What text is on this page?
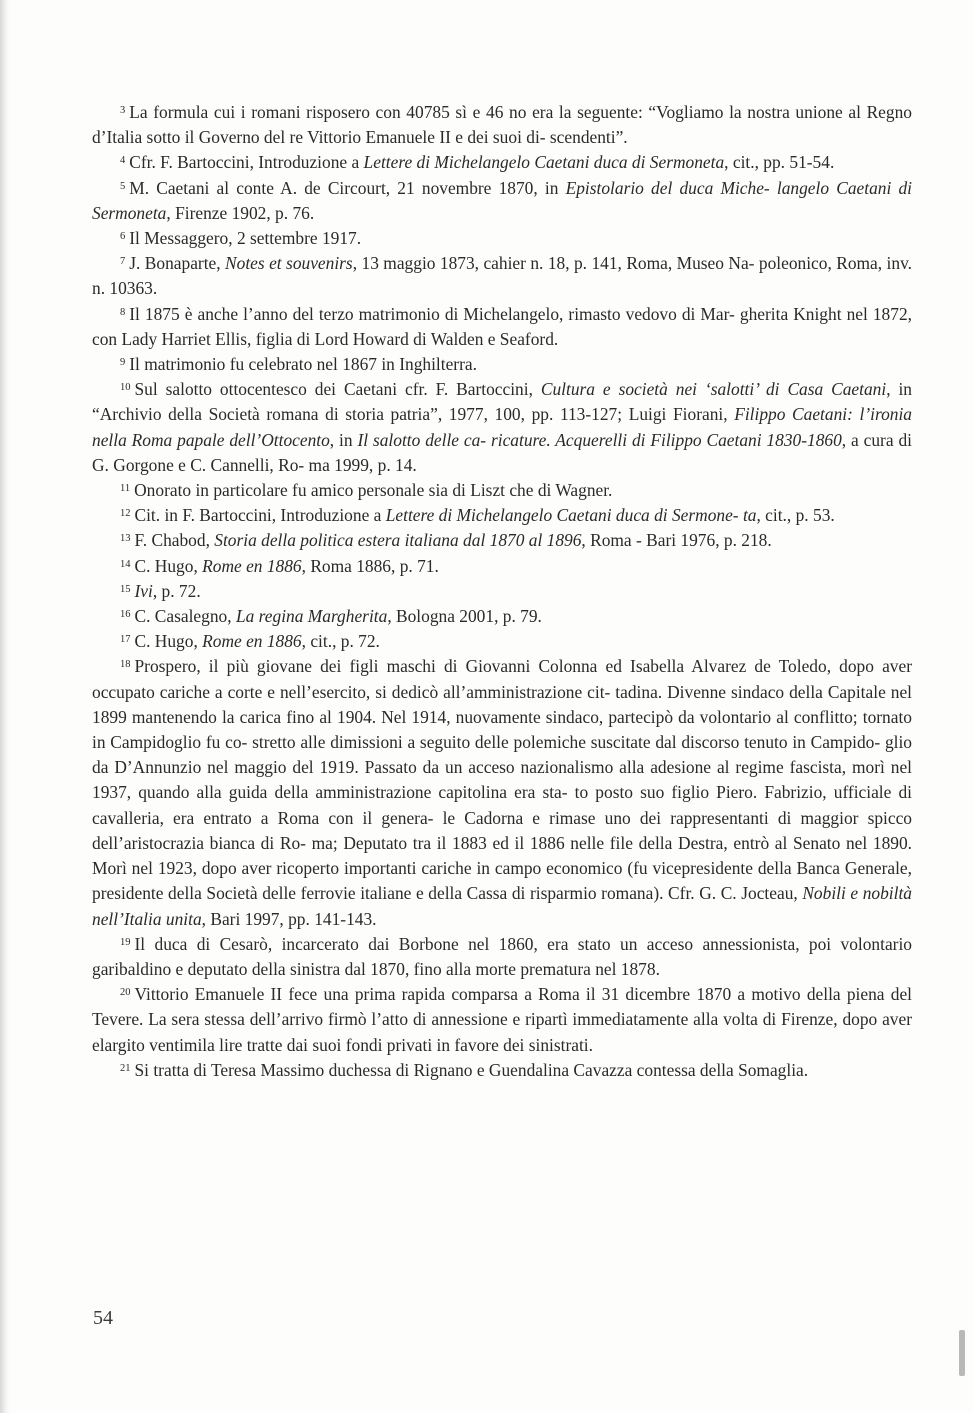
$^3$ La formula cui i romani risposero con 40785 sì e 46 no era la seguente: “Vogliamo la nostra unione al Regno d’Italia sotto il Governo del re Vittorio Emanuele II e dei suoi di- scendenti”.

$^4$ Cfr. F. Bartoccini, Introduzione a Lettere di Michelangelo Caetani duca di Sermoneta, cit., pp. 51-54.

$^5$ M. Caetani al conte A. de Circourt, 21 novembre 1870, in Epistolario del duca Miche- langelo Caetani di Sermoneta, Firenze 1902, p. 76.

$^6$ Il Messaggero, 2 settembre 1917.

$^7$ J. Bonaparte, Notes et souvenirs, 13 maggio 1873, cahier n. 18, p. 141, Roma, Museo Na- poleonico, Roma, inv. n. 10363.

$^8$ Il 1875 è anche l’anno del terzo matrimonio di Michelangelo, rimasto vedovo di Mar- gherita Knight nel 1872, con Lady Harriet Ellis, figlia di Lord Howard di Walden e Seaford.

$^9$ Il matrimonio fu celebrato nel 1867 in Inghilterra.

$^{10}$ Sul salotto ottocentesco dei Caetani cfr. F. Bartoccini, Cultura e società nei ‘salotti’ di Casa Caetani, in “Archivio della Società romana di storia patria”, 1977, 100, pp. 113-127; Luigi Fiorani, Filippo Caetani: l’ironia nella Roma papale dell’Ottocento, in Il salotto delle ca- ricature. Acquerelli di Filippo Caetani 1830-1860, a cura di G. Gorgone e C. Cannelli, Ro- ma 1999, p. 14.

$^{11}$ Onorato in particolare fu amico personale sia di Liszt che di Wagner.

$^{12}$ Cit. in F. Bartoccini, Introduzione a Lettere di Michelangelo Caetani duca di Sermone- ta, cit., p. 53.

$^{13}$ F. Chabod, Storia della politica estera italiana dal 1870 al 1896, Roma - Bari 1976, p. 218.

$^{14}$ C. Hugo, Rome en 1886, Roma 1886, p. 71.

$^{15}$ Ivi, p. 72.

$^{16}$ C. Casalegno, La regina Margherita, Bologna 2001, p. 79.

$^{17}$ C. Hugo, Rome en 1886, cit., p. 72.

$^{18}$ Prospero, il più giovane dei figli maschi di Giovanni Colonna ed Isabella Alvarez de Toledo, dopo aver occupato cariche a corte e nell’esercito, si dedicò all’amministrazione cit- tadina. Divenne sindaco della Capitale nel 1899 mantenendo la carica fino al 1904. Nel 1914, nuovamente sindaco, partecipò da volontario al conflitto; tornato in Campidoglio fu co- stretto alle dimissioni a seguito delle polemiche suscitate dal discorso tenuto in Campido- glio da D’Annunzio nel maggio del 1919. Passato da un acceso nazionalismo alla adesione al regime fascista, morì nel 1937, quando alla guida della amministrazione capitolina era sta- to posto suo figlio Piero. Fabrizio, ufficiale di cavalleria, era entrato a Roma con il genera- le Cadorna e rimase uno dei rappresentanti di maggior spicco dell’aristocrazia bianca di Ro- ma; Deputato tra il 1883 ed il 1886 nelle file della Destra, entrò al Senato nel 1890. Morì nel 1923, dopo aver ricoperto importanti cariche in campo economico (fu vicepresidente della Banca Generale, presidente della Società delle ferrovie italiane e della Cassa di risparmio romana). Cfr. G. C. Jocteau, Nobili e nobiltà nell’Italia unita, Bari 1997, pp. 141-143.

$^{19}$ Il duca di Cesarò, incarcerato dai Borbone nel 1860, era stato un acceso annessionista, poi volontario garibaldino e deputato della sinistra dal 1870, fino alla morte prematura nel 1878.

$^{20}$ Vittorio Emanuele II fece una prima rapida comparsa a Roma il 31 dicembre 1870 a motivo della piena del Tevere. La sera stessa dell’arrivo firmò l’atto di annessione e ripartì immediatamente alla volta di Firenze, dopo aver elargito ventimila lire tratte dai suoi fondi privati in favore dei sinistrati.

$^{21}$ Si tratta di Teresa Massimo duchessa di Rignano e Guendalina Cavazza contessa della Somaglia.

54
